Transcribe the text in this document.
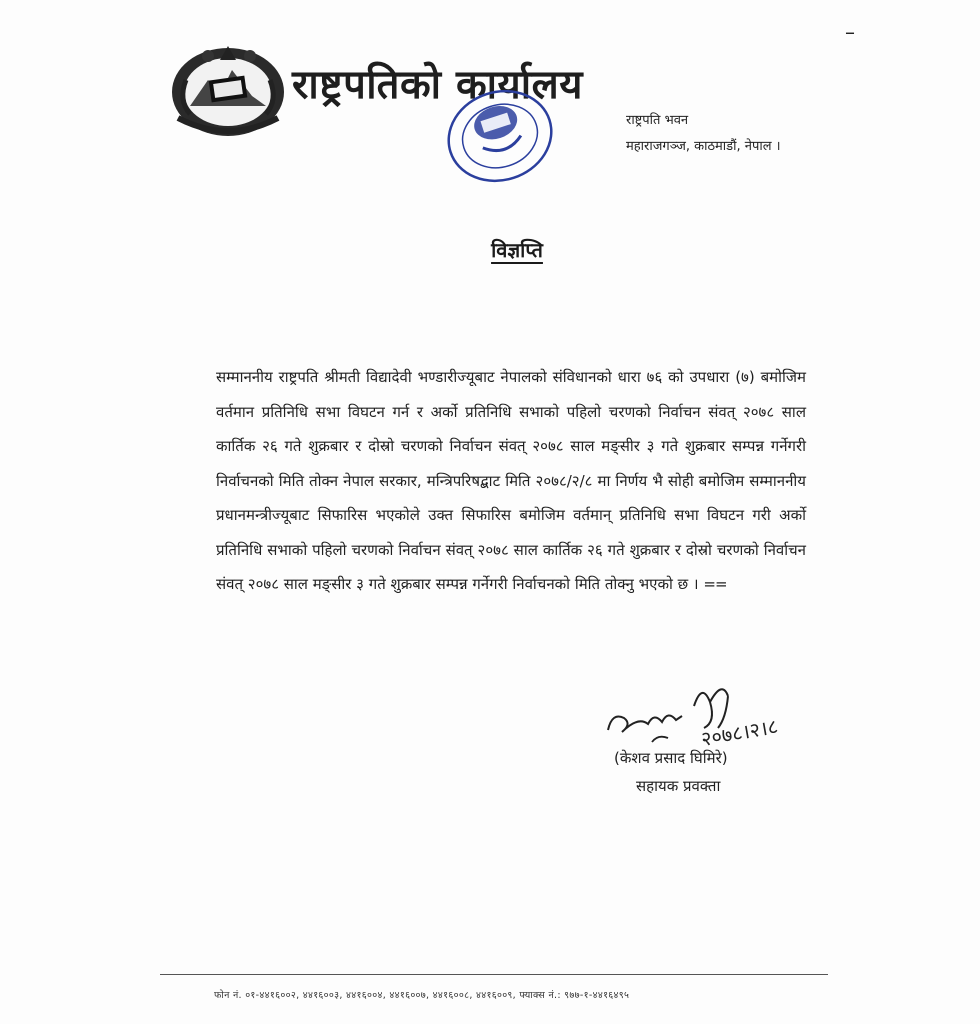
–
राष्ट्रपतिको कार्यालय
राष्ट्रपति भवन
महाराजगञ्ज, काठमाडौं, नेपाल ।
विज्ञप्ति
सम्माननीय राष्ट्रपति श्रीमती विद्यादेवी भण्डारीज्यूबाट नेपालको संविधानको धारा ७६ को उपधारा (७) बमोजिम वर्तमान प्रतिनिधि सभा विघटन गर्न र अर्को प्रतिनिधि सभाको पहिलो चरणको निर्वाचन संवत् २०७८ साल कार्तिक २६ गते शुक्रबार र दोस्रो चरणको निर्वाचन संवत् २०७८ साल मङ्सीर ३ गते शुक्रबार सम्पन्न गर्नेगरी निर्वाचनको मिति तोक्न नेपाल सरकार, मन्त्रिपरिषद्बाट मिति २०७८/२/८ मा निर्णय भै सोही बमोजिम सम्माननीय प्रधानमन्त्रीज्यूबाट सिफारिस भएकोले उक्त सिफारिस बमोजिम वर्तमान् प्रतिनिधि सभा विघटन गरी अर्को प्रतिनिधि सभाको पहिलो चरणको निर्वाचन संवत् २०७८ साल कार्तिक २६ गते शुक्रबार र दोस्रो चरणको निर्वाचन संवत् २०७८ साल मङ्सीर ३ गते शुक्रबार सम्पन्न गर्नेगरी निर्वाचनको मिति तोक्नु भएको छ । ==
२०७८।२।८
(केशव प्रसाद घिमिरे)
सहायक प्रवक्ता
फोन नं. ०१-४४१६००२, ४४१६००३, ४४१६००४, ४४१६००७, ४४१६००८, ४४१६००९, फ्याक्स नं.: ९७७-१-४४१६४९५
